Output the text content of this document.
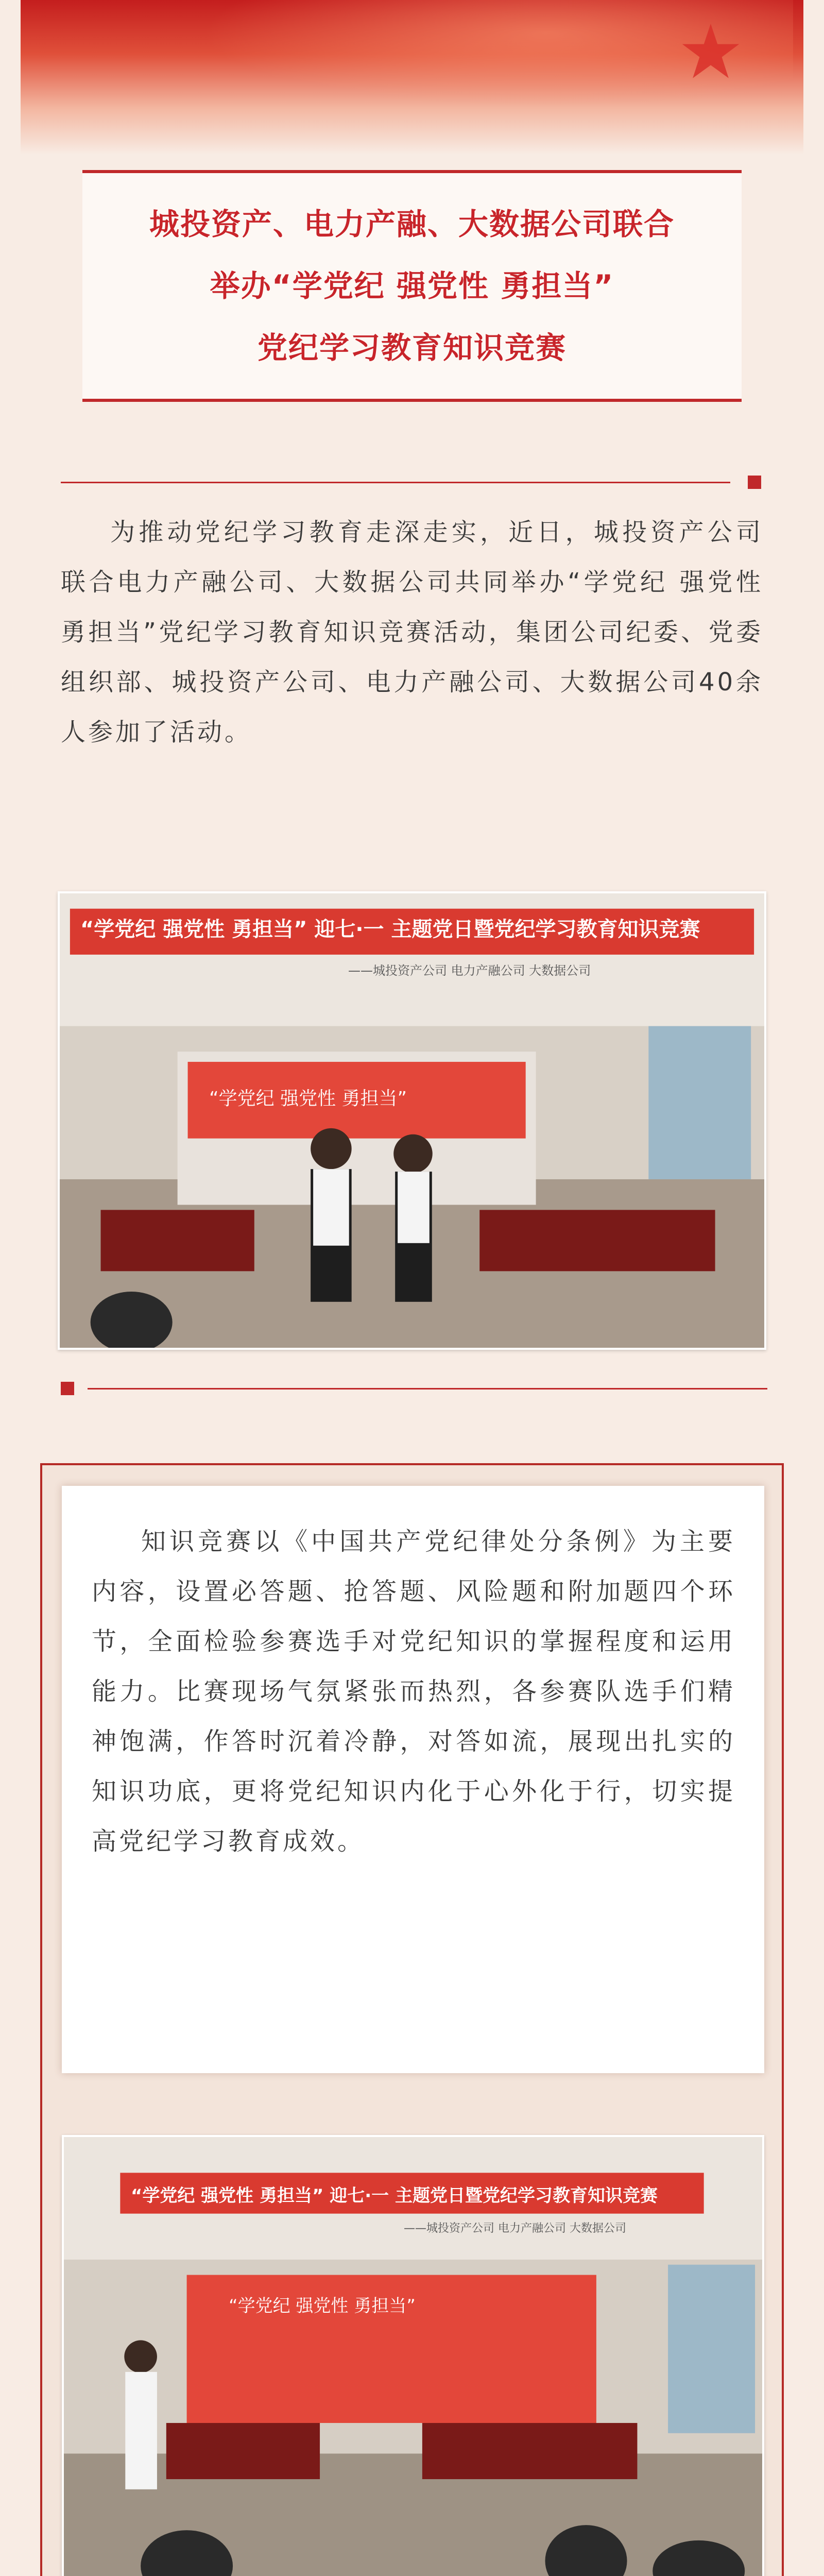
城投资产、电力产融、大数据公司联合
举办“学党纪 强党性 勇担当”
党纪学习教育知识竞赛

为推动党纪学习教育走深走实，近日，城投资产公司联合电力产融公司、大数据公司共同举办“学党纪 强党性 勇担当”党纪学习教育知识竞赛活动，集团公司纪委、党委组织部、城投资产公司、电力产融公司、大数据公司40余人参加了活动。

“学党纪 强党性 勇担当” 迎七·一 主题党日暨党纪学习教育知识竞赛
——城投资产公司 电力产融公司 大数据公司
“学党纪 强党性 勇担当”

知识竞赛以《中国共产党纪律处分条例》为主要内容，设置必答题、抢答题、风险题和附加题四个环节，全面检验参赛选手对党纪知识的掌握程度和运用能力。比赛现场气氛紧张而热烈，各参赛队选手们精神饱满，作答时沉着冷静，对答如流，展现出扎实的知识功底，更将党纪知识内化于心外化于行，切实提高党纪学习教育成效。

“学党纪 强党性 勇担当” 迎七·一 主题党日暨党纪学习教育知识竞赛
——城投资产公司 电力产融公司 大数据公司
“学党纪 强党性 勇担当”
